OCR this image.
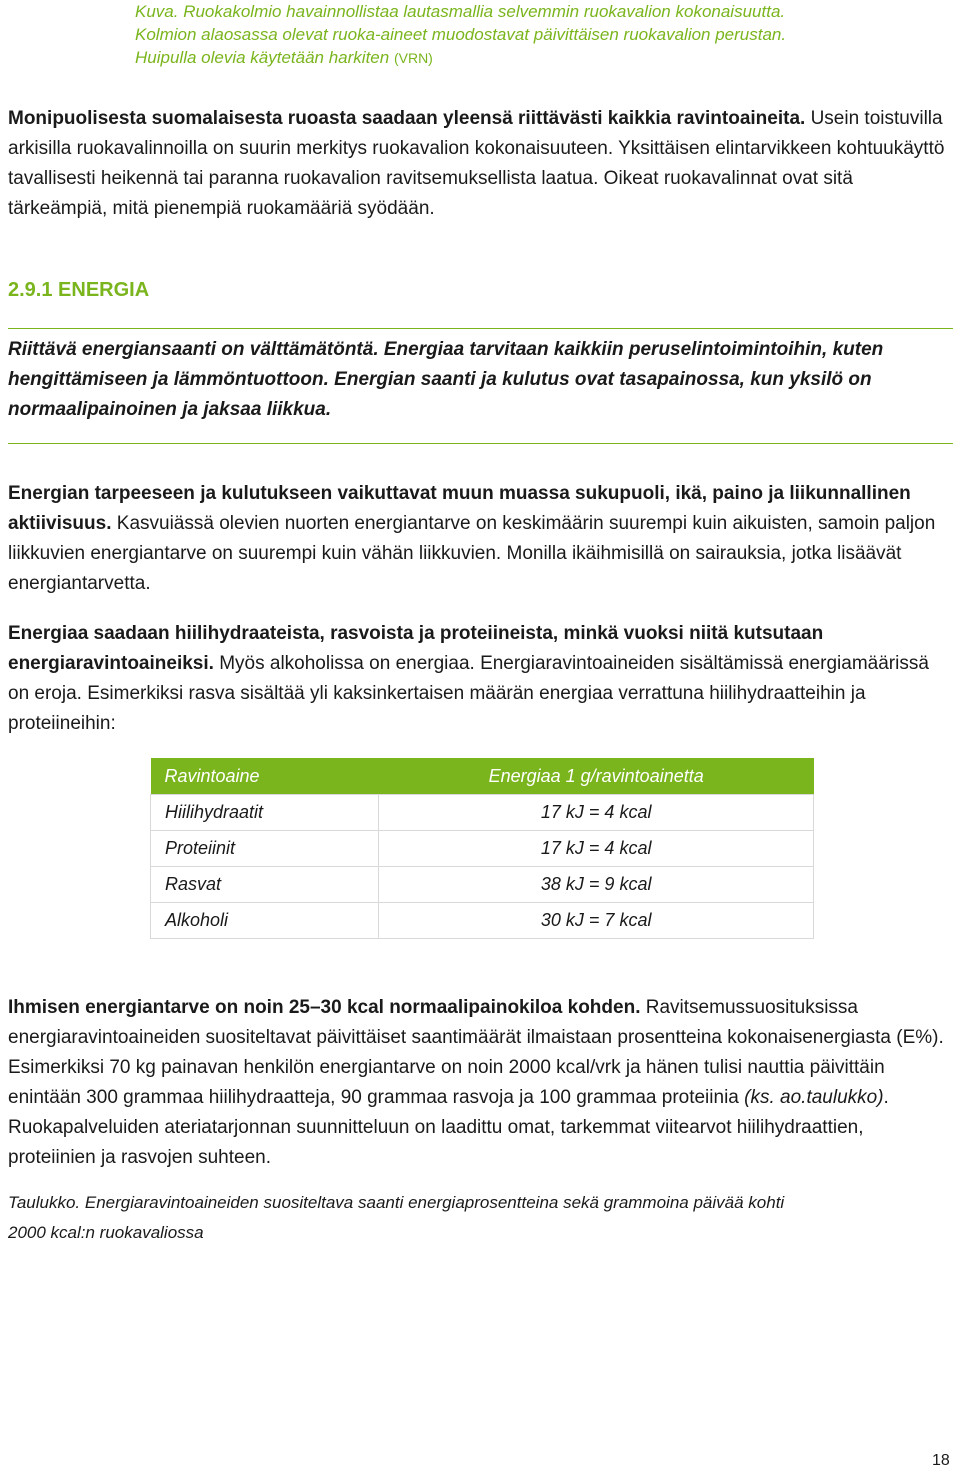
Kuva. Ruokakolmio havainnollistaa lautasmallia selvemmin ruokavalion kokonaisuutta.
Kolmion alaosassa olevat ruoka-aineet muodostavat päivittäisen ruokavalion perustan.
Huipulla olevia käytetään harkiten (VRN)
Monipuolisesta suomalaisesta ruoasta saadaan yleensä riittävästi kaikkia ravintoaineita. Usein toistuvilla arkisilla ruokavalinnoilla on suurin merkitys ruokavalion kokonaisuuteen. Yksittäisen elintarvikkeen kohtuukäyttö tavallisesti heikennä tai paranna ruokavalion ravitsemuksellista laatua. Oikeat ruokavalinnat ovat sitä tärkeämpiä, mitä pienempiä ruokamääriä syödään.
2.9.1 ENERGIA
Riittävä energiansaanti on välttämätöntä. Energiaa tarvitaan kaikkiin peruselintoimintoihin, kuten hengittämiseen ja lämmöntuottoon. Energian saanti ja kulutus ovat tasapainossa, kun yksilö on normaalipainoinen ja jaksaa liikkua.
Energian tarpeeseen ja kulutukseen vaikuttavat muun muassa sukupuoli, ikä, paino ja liikunnallinen aktiivisuus. Kasvuiässä olevien nuorten energiantarve on keskimäärin suurempi kuin aikuisten, samoin paljon liikkuvien energiantarve on suurempi kuin vähän liikkuvien. Monilla ikäihmisillä on sairauksia, jotka lisäävät energiantarvetta.
Energiaa saadaan hiilihydraateista, rasvoista ja proteiineista, minkä vuoksi niitä kutsutaan energiaravintoaineiksi. Myös alkoholissa on energiaa. Energiaravintoaineiden sisältämissä energiamäärissä on eroja. Esimerkiksi rasva sisältää yli kaksinkertaisen määrän energiaa verrattuna hiilihydraatteihin ja proteiineihin:
Ravintoaine	Energiaa 1 g/ravintoainetta
Hiilihydraatit	17 kJ = 4 kcal
Proteiinit	17 kJ = 4 kcal
Rasvat	38 kJ = 9 kcal
Alkoholi	30 kJ = 7 kcal
Ihmisen energiantarve on noin 25–30 kcal normaalipainokiloa kohden. Ravitsemussuosituksissa energiaravintoaineiden suositeltavat päivittäiset saantimäärät ilmaistaan prosentteina kokonaisenergiasta (E%). Esimerkiksi 70 kg painavan henkilön energiantarve on noin 2000 kcal/vrk ja hänen tulisi nauttia päivittäin enintään 300 grammaa hiilihydraatteja, 90 grammaa rasvoja ja 100 grammaa proteiinia (ks. ao.taulukko). Ruokapalveluiden ateriatarjonnan suunnitteluun on laadittu omat, tarkemmat viitearvot hiilihydraattien, proteiinien ja rasvojen suhteen.
Taulukko. Energiaravintoaineiden suositeltava saanti energiaprosentteina sekä grammoina päivää kohti
2000 kcal:n ruokavaliossa
18
